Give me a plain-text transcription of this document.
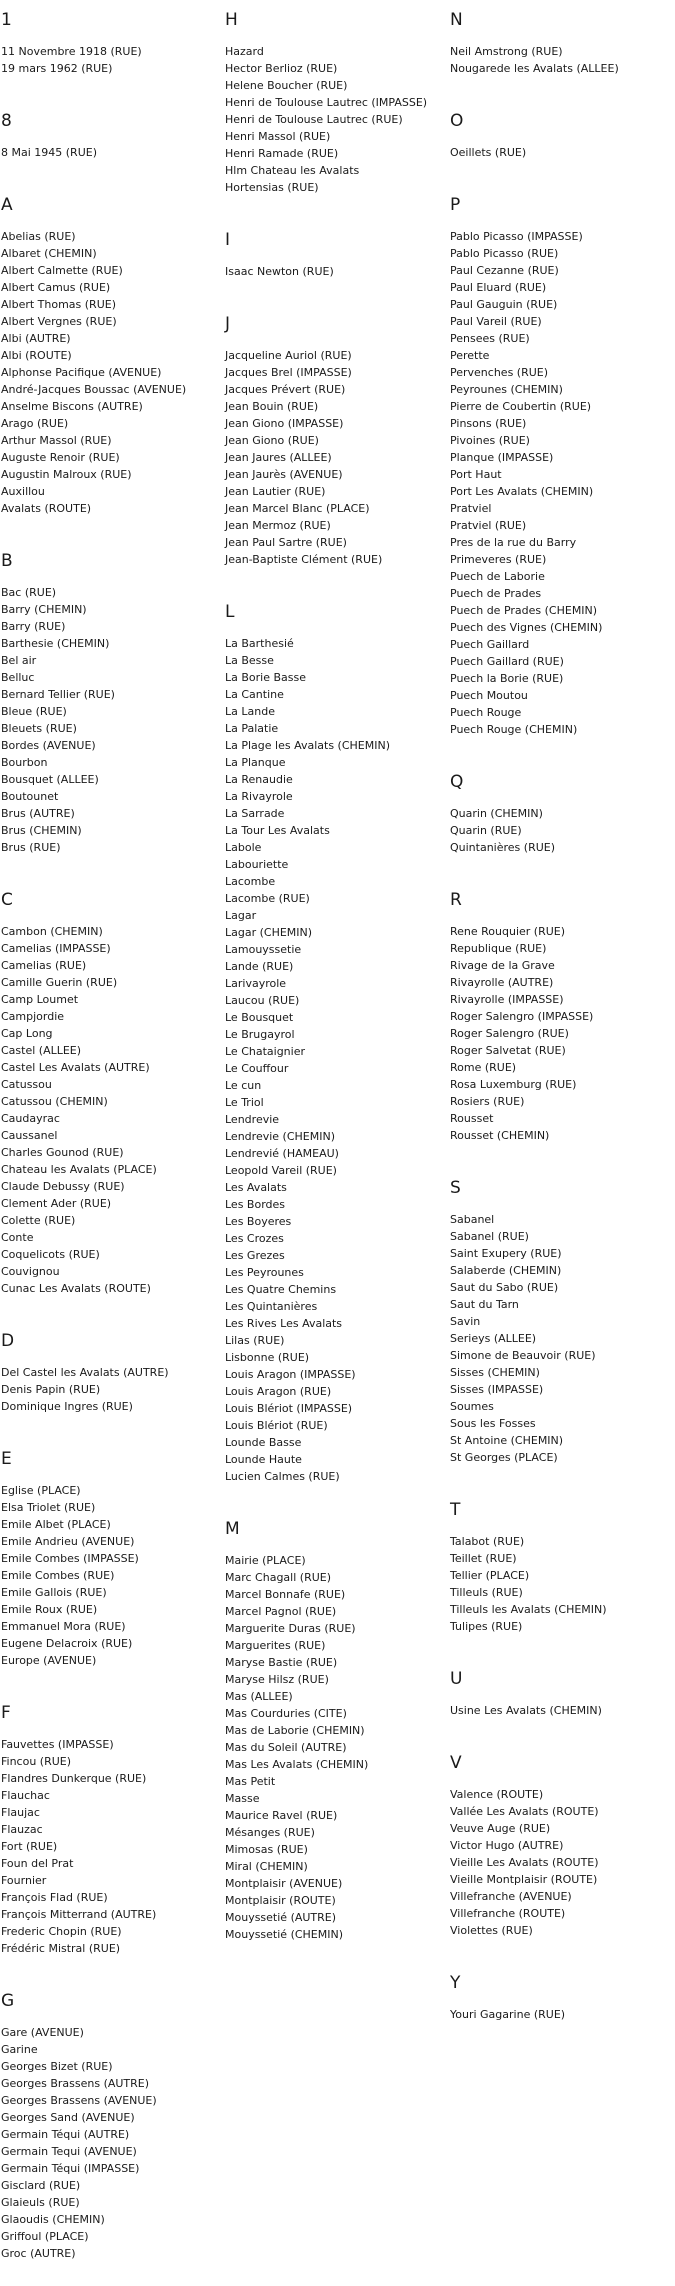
1
11 Novembre 1918 (RUE)
19 mars 1962 (RUE)
8
8 Mai 1945 (RUE)
A
Abelias (RUE)
Albaret (CHEMIN)
Albert Calmette (RUE)
Albert Camus (RUE)
Albert Thomas (RUE)
Albert Vergnes (RUE)
Albi (AUTRE)
Albi (ROUTE)
Alphonse Pacifique (AVENUE)
André-Jacques Boussac (AVENUE)
Anselme Biscons (AUTRE)
Arago (RUE)
Arthur Massol (RUE)
Auguste Renoir (RUE)
Augustin Malroux (RUE)
Auxillou
Avalats (ROUTE)
B
Bac (RUE)
Barry (CHEMIN)
Barry (RUE)
Barthesie (CHEMIN)
Bel air
Belluc
Bernard Tellier (RUE)
Bleue (RUE)
Bleuets (RUE)
Bordes (AVENUE)
Bourbon
Bousquet (ALLEE)
Boutounet
Brus (AUTRE)
Brus (CHEMIN)
Brus (RUE)
C
Cambon (CHEMIN)
Camelias (IMPASSE)
Camelias (RUE)
Camille Guerin (RUE)
Camp Loumet
Campjordie
Cap Long
Castel (ALLEE)
Castel Les Avalats (AUTRE)
Catussou
Catussou (CHEMIN)
Caudayrac
Caussanel
Charles Gounod (RUE)
Chateau les Avalats (PLACE)
Claude Debussy (RUE)
Clement Ader (RUE)
Colette (RUE)
Conte
Coquelicots (RUE)
Couvignou
Cunac Les Avalats (ROUTE)
D
Del Castel les Avalats (AUTRE)
Denis Papin (RUE)
Dominique Ingres (RUE)
E
Eglise (PLACE)
Elsa Triolet (RUE)
Emile Albet (PLACE)
Emile Andrieu (AVENUE)
Emile Combes (IMPASSE)
Emile Combes (RUE)
Emile Gallois (RUE)
Emile Roux (RUE)
Emmanuel Mora (RUE)
Eugene Delacroix (RUE)
Europe (AVENUE)
F
Fauvettes (IMPASSE)
Fincou (RUE)
Flandres Dunkerque (RUE)
Flauchac
Flaujac
Flauzac
Fort (RUE)
Foun del Prat
Fournier
François Flad (RUE)
François Mitterrand (AUTRE)
Frederic Chopin (RUE)
Frédéric Mistral (RUE)
G
Gare (AVENUE)
Garine
Georges Bizet (RUE)
Georges Brassens (AUTRE)
Georges Brassens (AVENUE)
Georges Sand (AVENUE)
Germain Téqui (AUTRE)
Germain Tequi (AVENUE)
Germain Téqui (IMPASSE)
Gisclard (RUE)
Glaieuls (RUE)
Glaoudis (CHEMIN)
Griffoul (PLACE)
Groc (AUTRE)
H
Hazard
Hector Berlioz (RUE)
Helene Boucher (RUE)
Henri de Toulouse Lautrec (IMPASSE)
Henri de Toulouse Lautrec (RUE)
Henri Massol (RUE)
Henri Ramade (RUE)
Hlm Chateau les Avalats
Hortensias (RUE)
I
Isaac Newton (RUE)
J
Jacqueline Auriol (RUE)
Jacques Brel (IMPASSE)
Jacques Prévert (RUE)
Jean Bouin (RUE)
Jean Giono (IMPASSE)
Jean Giono (RUE)
Jean Jaures (ALLEE)
Jean Jaurès (AVENUE)
Jean Lautier (RUE)
Jean Marcel Blanc (PLACE)
Jean Mermoz (RUE)
Jean Paul Sartre (RUE)
Jean-Baptiste Clément (RUE)
L
La Barthesié
La Besse
La Borie Basse
La Cantine
La Lande
La Palatie
La Plage les Avalats (CHEMIN)
La Planque
La Renaudie
La Rivayrole
La Sarrade
La Tour Les Avalats
Labole
Labouriette
Lacombe
Lacombe (RUE)
Lagar
Lagar (CHEMIN)
Lamouyssetie
Lande (RUE)
Larivayrole
Laucou (RUE)
Le Bousquet
Le Brugayrol
Le Chataignier
Le Couffour
Le cun
Le Triol
Lendrevie
Lendrevie (CHEMIN)
Lendrevié (HAMEAU)
Leopold Vareil (RUE)
Les Avalats
Les Bordes
Les Boyeres
Les Crozes
Les Grezes
Les Peyrounes
Les Quatre Chemins
Les Quintanières
Les Rives Les Avalats
Lilas (RUE)
Lisbonne (RUE)
Louis Aragon (IMPASSE)
Louis Aragon (RUE)
Louis Blériot (IMPASSE)
Louis Blériot (RUE)
Lounde Basse
Lounde Haute
Lucien Calmes (RUE)
M
Mairie (PLACE)
Marc Chagall (RUE)
Marcel Bonnafe (RUE)
Marcel Pagnol (RUE)
Marguerite Duras (RUE)
Marguerites (RUE)
Maryse Bastie (RUE)
Maryse Hilsz (RUE)
Mas (ALLEE)
Mas Courduries (CITE)
Mas de Laborie (CHEMIN)
Mas du Soleil (AUTRE)
Mas Les Avalats (CHEMIN)
Mas Petit
Masse
Maurice Ravel (RUE)
Mésanges (RUE)
Mimosas (RUE)
Miral (CHEMIN)
Montplaisir (AVENUE)
Montplaisir (ROUTE)
Mouyssetié (AUTRE)
Mouyssetié (CHEMIN)
N
Neil Amstrong (RUE)
Nougarede les Avalats (ALLEE)
O
Oeillets (RUE)
P
Pablo Picasso (IMPASSE)
Pablo Picasso (RUE)
Paul Cezanne (RUE)
Paul Eluard (RUE)
Paul Gauguin (RUE)
Paul Vareil (RUE)
Pensees (RUE)
Perette
Pervenches (RUE)
Peyrounes (CHEMIN)
Pierre de Coubertin (RUE)
Pinsons (RUE)
Pivoines (RUE)
Planque (IMPASSE)
Port Haut
Port Les Avalats (CHEMIN)
Pratviel
Pratviel (RUE)
Pres de la rue du Barry
Primeveres (RUE)
Puech de Laborie
Puech de Prades
Puech de Prades (CHEMIN)
Puech des Vignes (CHEMIN)
Puech Gaillard
Puech Gaillard (RUE)
Puech la Borie (RUE)
Puech Moutou
Puech Rouge
Puech Rouge (CHEMIN)
Q
Quarin (CHEMIN)
Quarin (RUE)
Quintanières (RUE)
R
Rene Rouquier (RUE)
Republique (RUE)
Rivage de la Grave
Rivayrolle (AUTRE)
Rivayrolle (IMPASSE)
Roger Salengro (IMPASSE)
Roger Salengro (RUE)
Roger Salvetat (RUE)
Rome (RUE)
Rosa Luxemburg (RUE)
Rosiers (RUE)
Rousset
Rousset (CHEMIN)
S
Sabanel
Sabanel (RUE)
Saint Exupery (RUE)
Salaberde (CHEMIN)
Saut du Sabo (RUE)
Saut du Tarn
Savin
Serieys (ALLEE)
Simone de Beauvoir (RUE)
Sisses (CHEMIN)
Sisses (IMPASSE)
Soumes
Sous les Fosses
St Antoine (CHEMIN)
St Georges (PLACE)
T
Talabot (RUE)
Teillet (RUE)
Tellier (PLACE)
Tilleuls (RUE)
Tilleuls les Avalats (CHEMIN)
Tulipes (RUE)
U
Usine Les Avalats (CHEMIN)
V
Valence (ROUTE)
Vallée Les Avalats (ROUTE)
Veuve Auge (RUE)
Victor Hugo (AUTRE)
Vieille Les Avalats (ROUTE)
Vieille Montplaisir (ROUTE)
Villefranche (AVENUE)
Villefranche (ROUTE)
Violettes (RUE)
Y
Youri Gagarine (RUE)
